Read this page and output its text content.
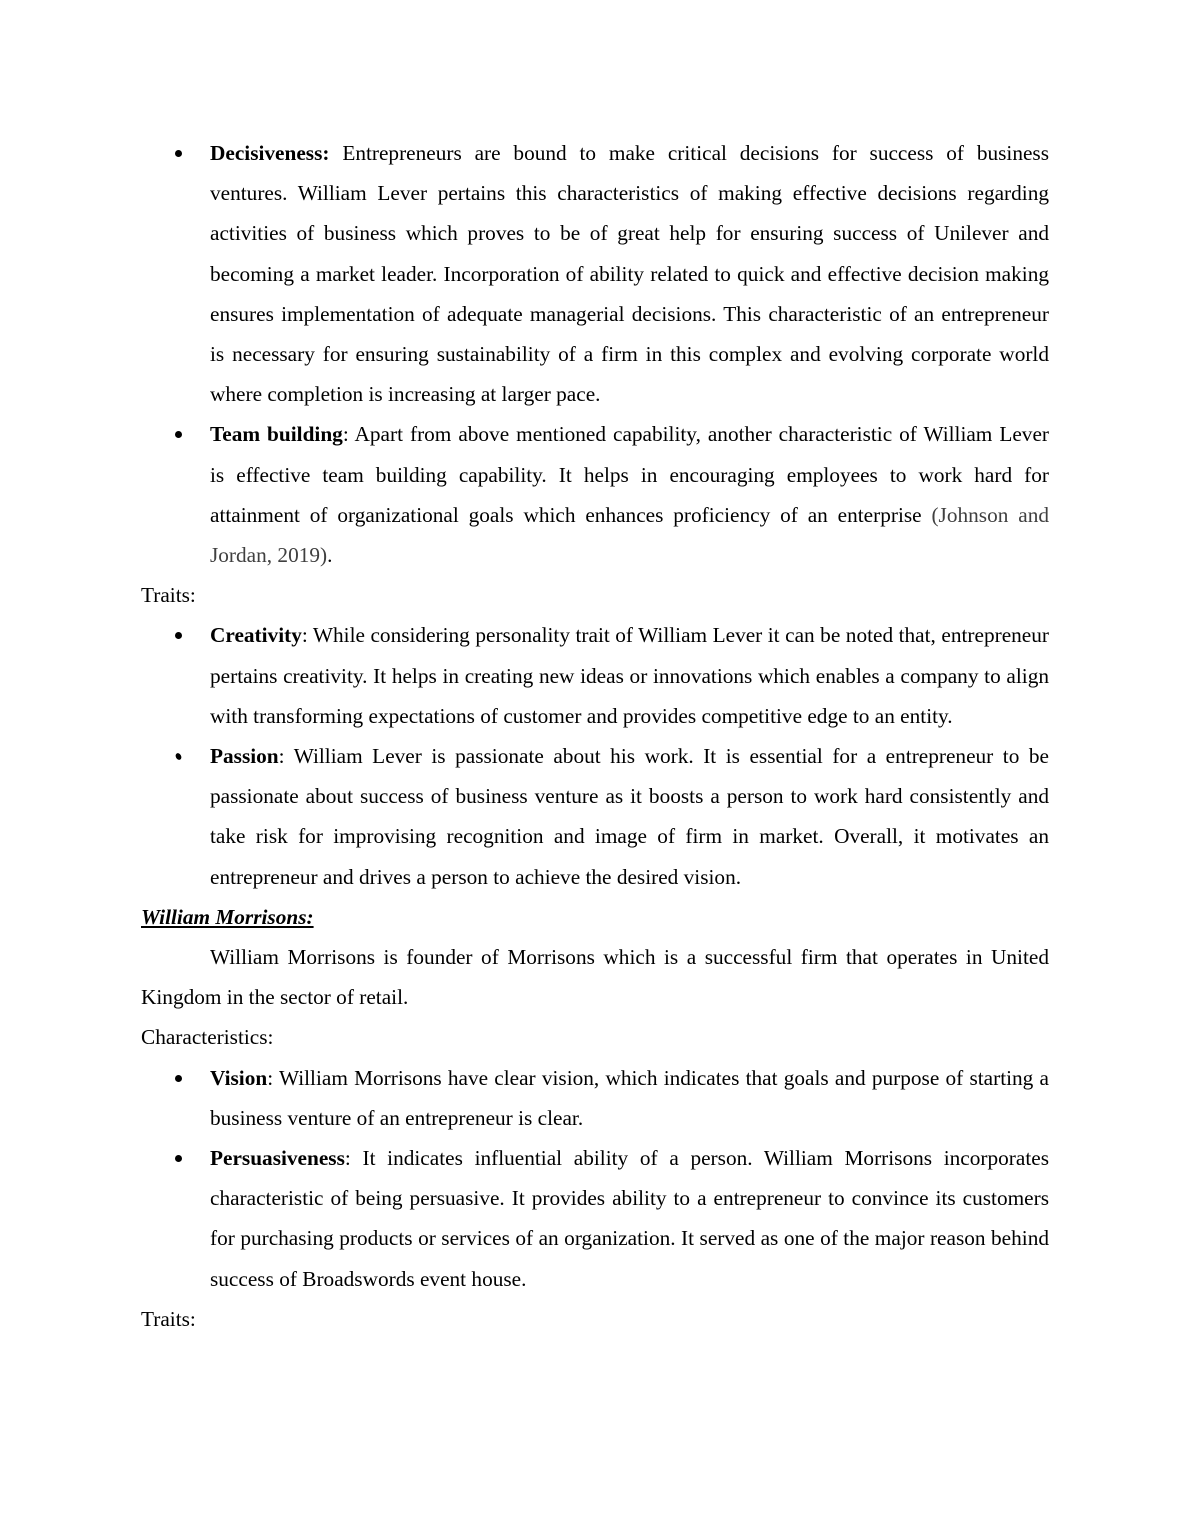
Decisiveness: Entrepreneurs are bound to make critical decisions for success of business ventures. William Lever pertains this characteristics of making effective decisions regarding activities of business which proves to be of great help for ensuring success of Unilever and becoming a market leader. Incorporation of ability related to quick and effective decision making ensures implementation of adequate managerial decisions. This characteristic of an entrepreneur is necessary for ensuring sustainability of a firm in this complex and evolving corporate world where completion is increasing at larger pace.

Team building: Apart from above mentioned capability, another characteristic of William Lever is effective team building capability. It helps in encouraging employees to work hard for attainment of organizational goals which enhances proficiency of an enterprise (Johnson and Jordan, 2019).

Traits:

Creativity: While considering personality trait of William Lever it can be noted that, entrepreneur pertains creativity. It helps in creating new ideas or innovations which enables a company to align with transforming expectations of customer and provides competitive edge to an entity.

Passion: William Lever is passionate about his work. It is essential for a entrepreneur to be passionate about success of business venture as it boosts a person to work hard consistently and take risk for improvising recognition and image of firm in market. Overall, it motivates an entrepreneur and drives a person to achieve the desired vision.

William Morrisons:

William Morrisons is founder of Morrisons which is a successful firm that operates in United Kingdom in the sector of retail.

Characteristics:

Vision: William Morrisons have clear vision, which indicates that goals and purpose of starting a business venture of an entrepreneur is clear.

Persuasiveness: It indicates influential ability of a person. William Morrisons incorporates characteristic of being persuasive. It provides ability to a entrepreneur to convince its customers for purchasing products or services of an organization. It served as one of the major reason behind success of Broadswords event house.

Traits:
